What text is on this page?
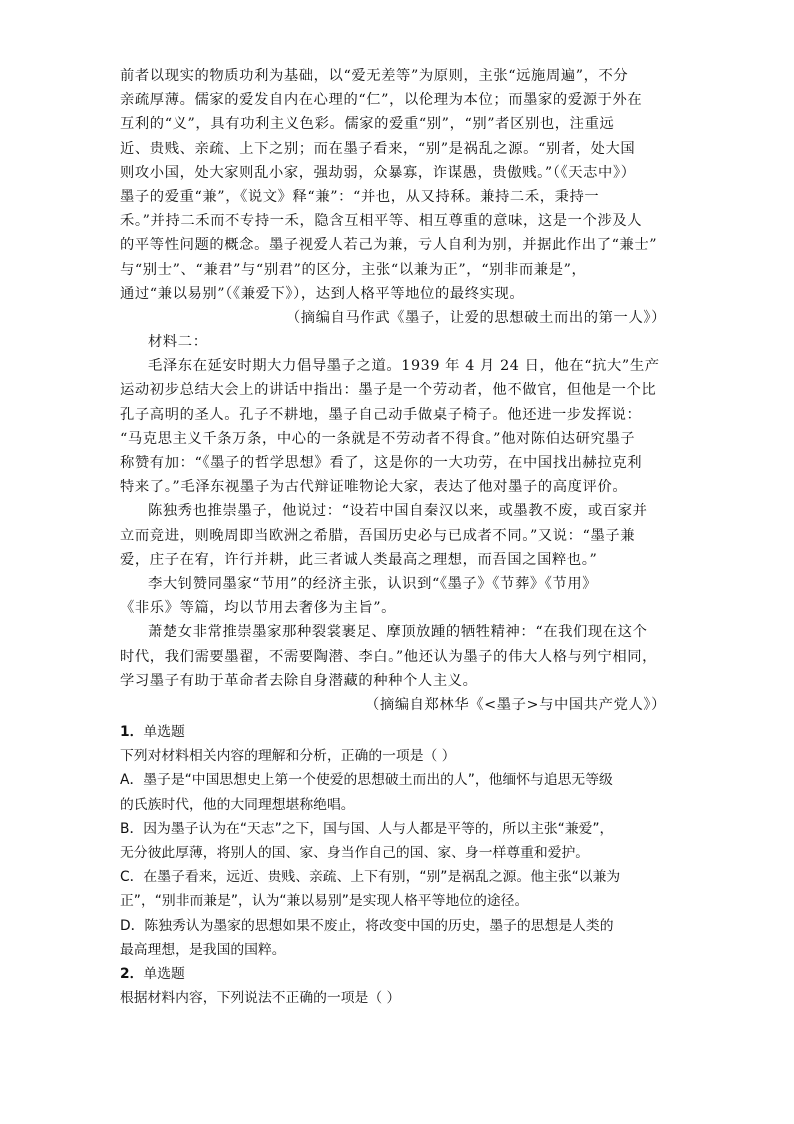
前者以现实的物质功利为基础，以“爱无差等”为原则，主张“远施周遍”，不分
亲疏厚薄。儒家的爱发自内在心理的“仁”，以伦理为本位；而墨家的爱源于外在
互利的“义”，具有功利主义色彩。儒家的爱重“别”，“别”者区别也，注重远
近、贵贱、亲疏、上下之别；而在墨子看来，“别”是祸乱之源。“别者，处大国
则攻小国，处大家则乱小家，强劫弱，众暴寡，诈谋愚，贵傲贱。”（《天志中》）
墨子的爱重“兼”，《说文》释“兼”：“并也，从又持秝。兼持二禾，秉持一
禾。”并持二禾而不专持一禾，隐含互相平等、相互尊重的意味，这是一个涉及人
的平等性问题的概念。墨子视爱人若己为兼，亏人自利为别，并据此作出了“兼士”
与“别士”、“兼君”与“别君”的区分，主张“以兼为正”，“别非而兼是”，
通过“兼以易别”（《兼爱下》），达到人格平等地位的最终实现。
（摘编自马作武《墨子，让爱的思想破土而出的第一人》）
材料二：
毛泽东在延安时期大力倡导墨子之道。1939 年 4 月 24 日，他在“抗大”生产
运动初步总结大会上的讲话中指出：墨子是一个劳动者，他不做官，但他是一个比
孔子高明的圣人。孔子不耕地，墨子自己动手做桌子椅子。他还进一步发挥说：
“马克思主义千条万条，中心的一条就是不劳动者不得食。”他对陈伯达研究墨子
称赞有加：“《墨子的哲学思想》看了，这是你的一大功劳，在中国找出赫拉克利
特来了。”毛泽东视墨子为古代辩证唯物论大家，表达了他对墨子的高度评价。
陈独秀也推崇墨子，他说过：“设若中国自秦汉以来，或墨教不废，或百家并
立而竞进，则晚周即当欧洲之希腊，吾国历史必与已成者不同。”又说：“墨子兼
爱，庄子在宥，许行并耕，此三者诚人类最高之理想，而吾国之国粹也。”
李大钊赞同墨家“节用”的经济主张，认识到“《墨子》《节葬》《节用》
《非乐》等篇，均以节用去奢侈为主旨”。
萧楚女非常推崇墨家那种裂裳裹足、摩顶放踵的牺牲精神：“在我们现在这个
时代，我们需要墨翟，不需要陶潜、李白。”他还认为墨子的伟大人格与列宁相同，
学习墨子有助于革命者去除自身潜藏的种种个人主义。
（摘编自郑林华《<墨子>与中国共产党人》）
1．单选题
下列对材料相关内容的理解和分析，正确的一项是（ ）
A．墨子是“中国思想史上第一个使爱的思想破土而出的人”，他缅怀与追思无等级
的氏族时代，他的大同理想堪称绝唱。
B．因为墨子认为在“天志”之下，国与国、人与人都是平等的，所以主张“兼爱”，
无分彼此厚薄，将别人的国、家、身当作自己的国、家、身一样尊重和爱护。
C．在墨子看来，远近、贵贱、亲疏、上下有别，“别”是祸乱之源。他主张“以兼为
正”，“别非而兼是”，认为“兼以易别”是实现人格平等地位的途径。
D．陈独秀认为墨家的思想如果不废止，将改变中国的历史，墨子的思想是人类的
最高理想，是我国的国粹。
2．单选题
根据材料内容，下列说法不正确的一项是（ ）
